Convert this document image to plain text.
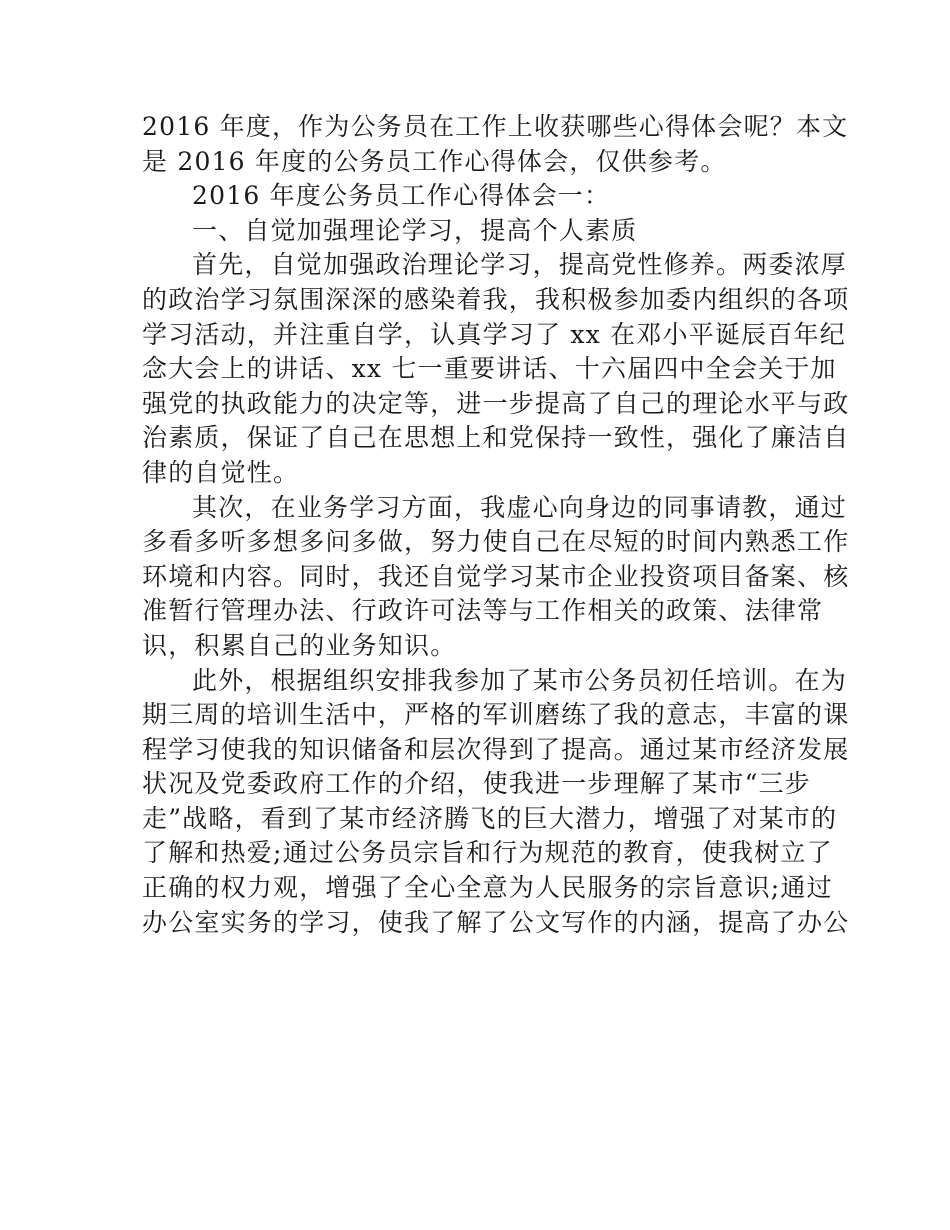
2016 年度，作为公务员在工作上收获哪些心得体会呢？本文
是 2016 年度的公务员工作心得体会，仅供参考。
2016 年度公务员工作心得体会一：
一、自觉加强理论学习，提高个人素质
首先，自觉加强政治理论学习，提高党性修养。两委浓厚
的政治学习氛围深深的感染着我，我积极参加委内组织的各项
学习活动，并注重自学，认真学习了 xx 在邓小平诞辰百年纪
念大会上的讲话、xx 七一重要讲话、十六届四中全会关于加
强党的执政能力的决定等，进一步提高了自己的理论水平与政
治素质，保证了自己在思想上和党保持一致性，强化了廉洁自
律的自觉性。
其次，在业务学习方面，我虚心向身边的同事请教，通过
多看多听多想多问多做，努力使自己在尽短的时间内熟悉工作
环境和内容。同时，我还自觉学习某市企业投资项目备案、核
准暂行管理办法、行政许可法等与工作相关的政策、法律常
识，积累自己的业务知识。
此外，根据组织安排我参加了某市公务员初任培训。在为
期三周的培训生活中，严格的军训磨练了我的意志，丰富的课
程学习使我的知识储备和层次得到了提高。通过某市经济发展
状况及党委政府工作的介绍，使我进一步理解了某市“三步
走”战略，看到了某市经济腾飞的巨大潜力，增强了对某市的
了解和热爱;通过公务员宗旨和行为规范的教育，使我树立了
正确的权力观，增强了全心全意为人民服务的宗旨意识;通过
办公室实务的学习，使我了解了公文写作的内涵，提高了办公
